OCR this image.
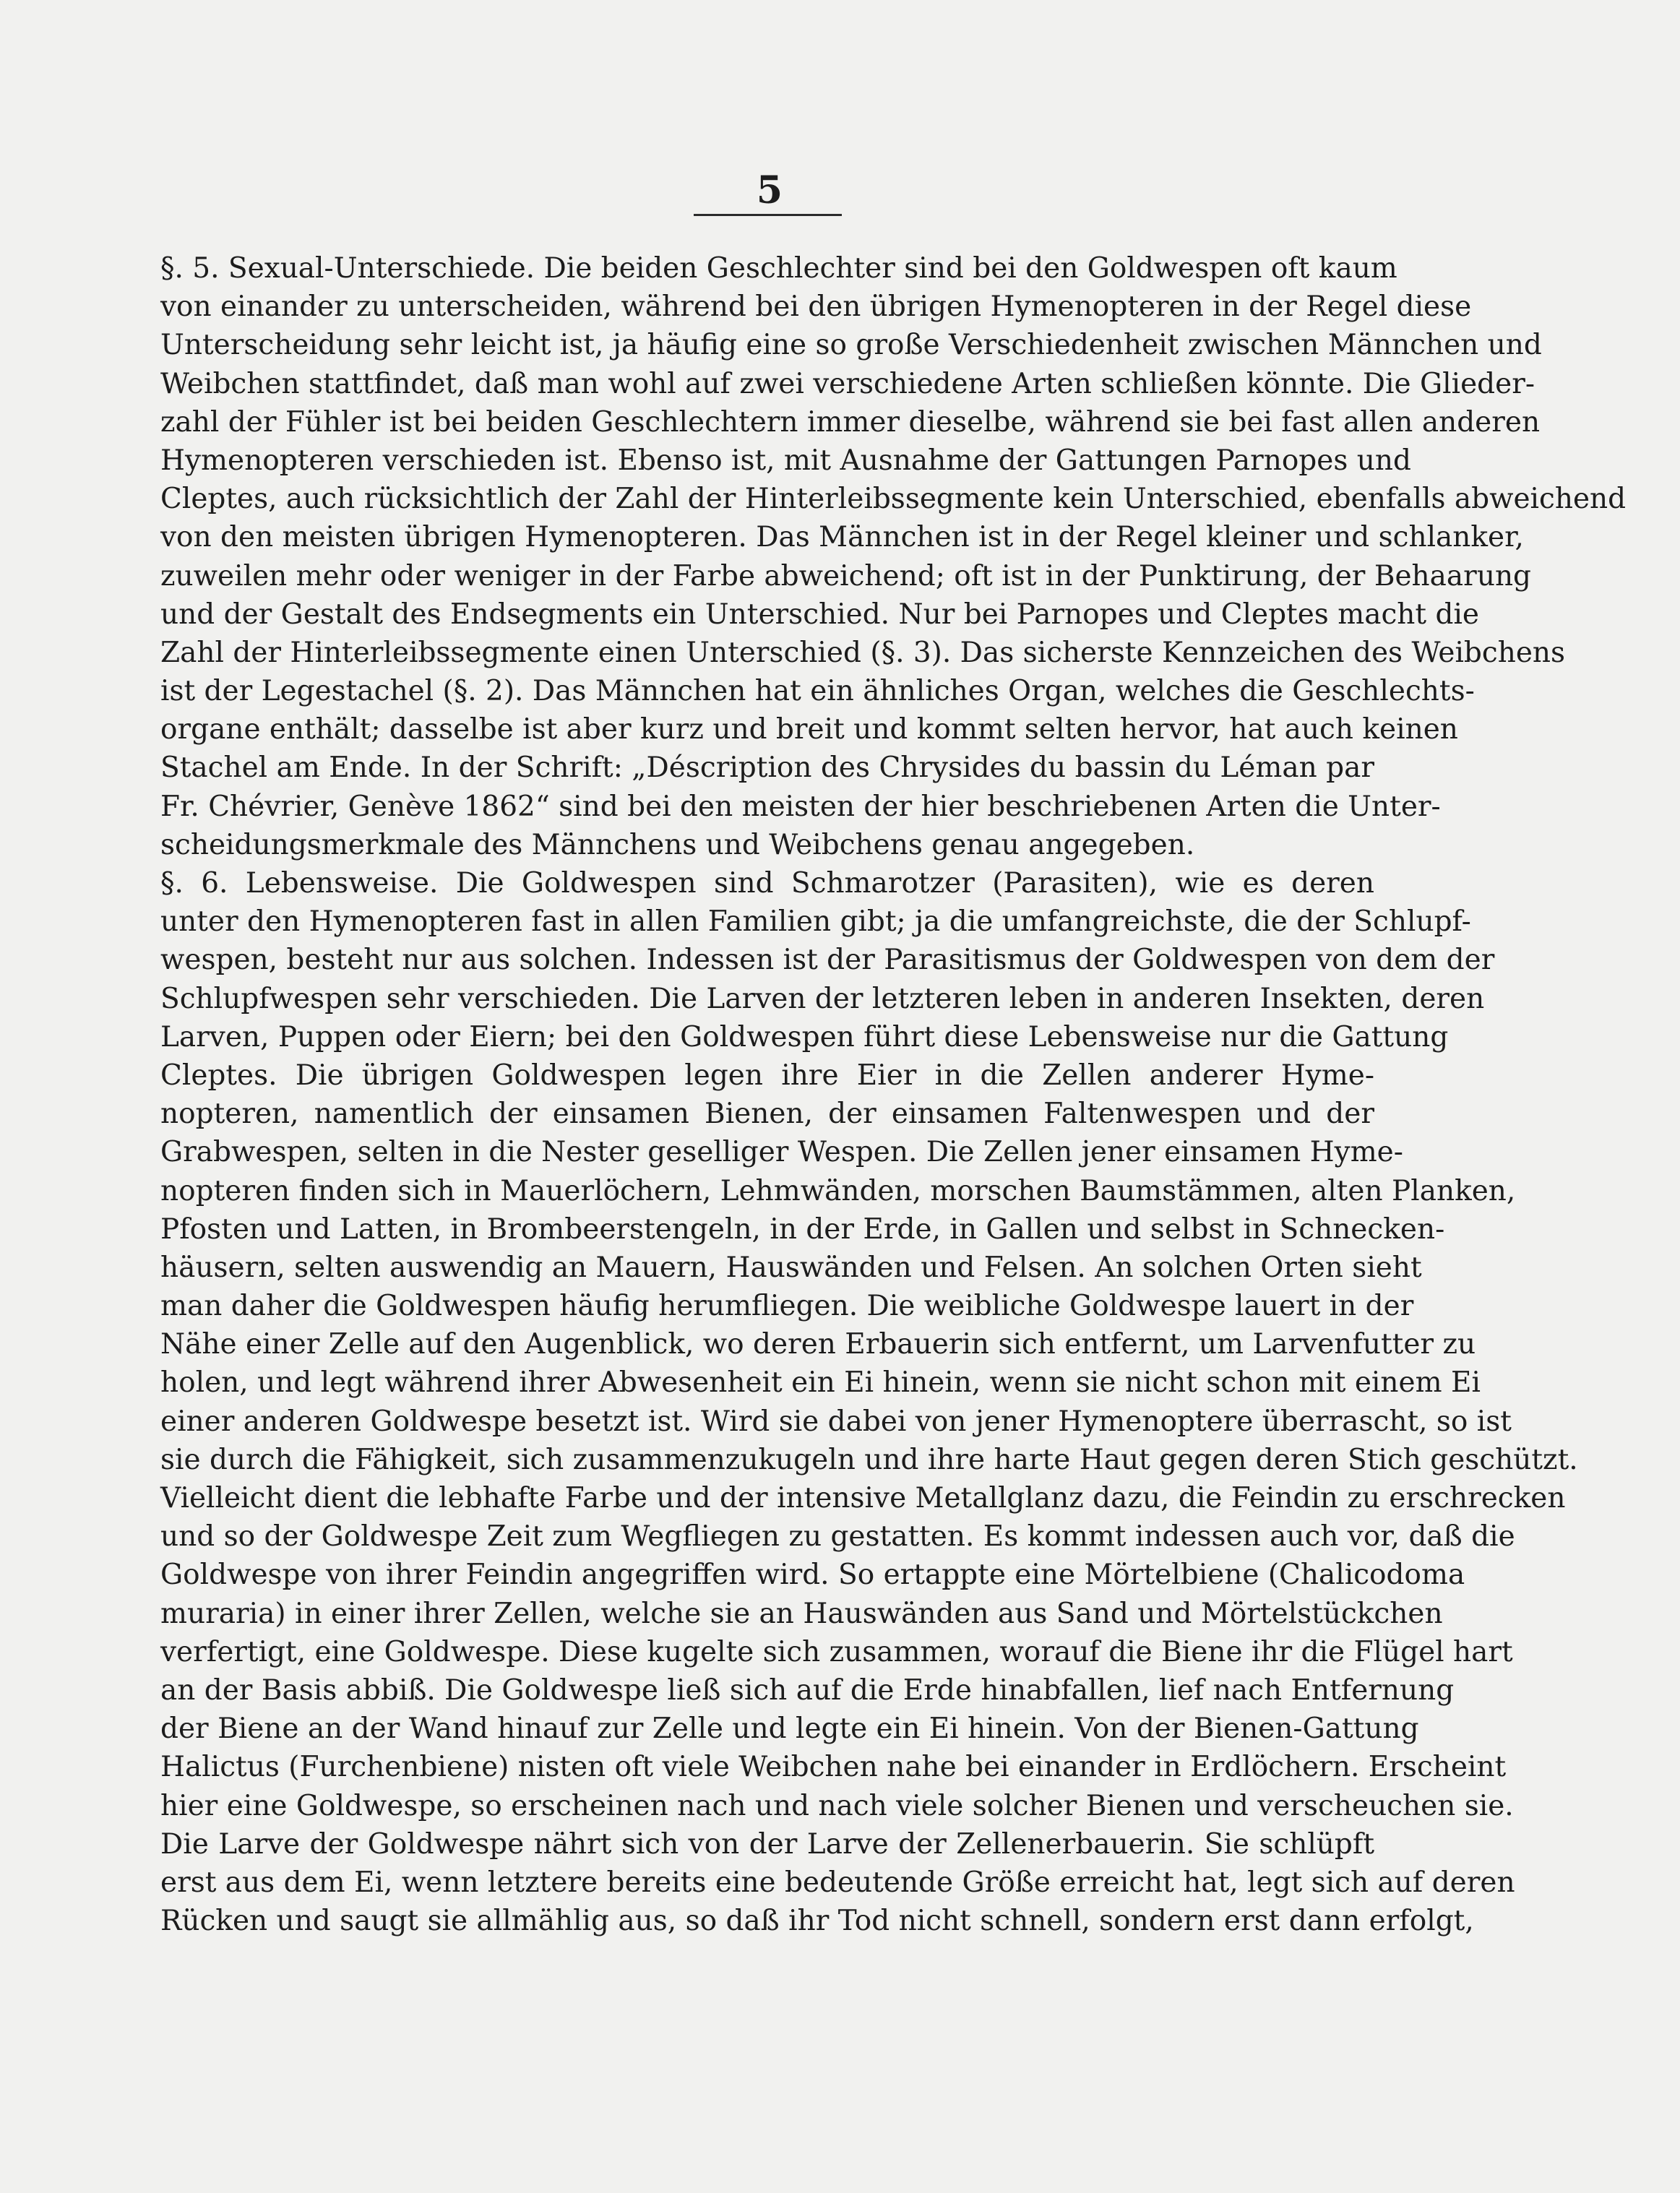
5
§. 5. Sexual-Unterschiede. Die beiden Geschlechter sind bei den Goldwespen oft kaum
von einander zu unterscheiden, während bei den übrigen Hymenopteren in der Regel diese
Unterscheidung sehr leicht ist, ja häufig eine so große Verschiedenheit zwischen Männchen und
Weibchen stattfindet, daß man wohl auf zwei verschiedene Arten schließen könnte. Die Glieder-
zahl der Fühler ist bei beiden Geschlechtern immer dieselbe, während sie bei fast allen anderen
Hymenopteren verschieden ist. Ebenso ist, mit Ausnahme der Gattungen Parnopes und
Cleptes, auch rücksichtlich der Zahl der Hinterleibssegmente kein Unterschied, ebenfalls abweichend
von den meisten übrigen Hymenopteren. Das Männchen ist in der Regel kleiner und schlanker,
zuweilen mehr oder weniger in der Farbe abweichend; oft ist in der Punktirung, der Behaarung
und der Gestalt des Endsegments ein Unterschied. Nur bei Parnopes und Cleptes macht die
Zahl der Hinterleibssegmente einen Unterschied (§. 3). Das sicherste Kennzeichen des Weibchens
ist der Legestachel (§. 2). Das Männchen hat ein ähnliches Organ, welches die Geschlechts-
organe enthält; dasselbe ist aber kurz und breit und kommt selten hervor, hat auch keinen
Stachel am Ende. In der Schrift: „Déscription des Chrysides du bassin du Léman par
Fr. Chévrier, Genève 1862“ sind bei den meisten der hier beschriebenen Arten die Unter-
scheidungsmerkmale des Männchens und Weibchens genau angegeben.
§. 6. Lebensweise. Die Goldwespen sind Schmarotzer (Parasiten), wie es deren
unter den Hymenopteren fast in allen Familien gibt; ja die umfangreichste, die der Schlupf-
wespen, besteht nur aus solchen. Indessen ist der Parasitismus der Goldwespen von dem der
Schlupfwespen sehr verschieden. Die Larven der letzteren leben in anderen Insekten, deren
Larven, Puppen oder Eiern; bei den Goldwespen führt diese Lebensweise nur die Gattung
Cleptes. Die übrigen Goldwespen legen ihre Eier in die Zellen anderer Hyme-
nopteren, namentlich der einsamen Bienen, der einsamen Faltenwespen und der
Grabwespen, selten in die Nester geselliger Wespen. Die Zellen jener einsamen Hyme-
nopteren finden sich in Mauerlöchern, Lehmwänden, morschen Baumstämmen, alten Planken,
Pfosten und Latten, in Brombeerstengeln, in der Erde, in Gallen und selbst in Schnecken-
häusern, selten auswendig an Mauern, Hauswänden und Felsen. An solchen Orten sieht
man daher die Goldwespen häufig herumfliegen. Die weibliche Goldwespe lauert in der
Nähe einer Zelle auf den Augenblick, wo deren Erbauerin sich entfernt, um Larvenfutter zu
holen, und legt während ihrer Abwesenheit ein Ei hinein, wenn sie nicht schon mit einem Ei
einer anderen Goldwespe besetzt ist. Wird sie dabei von jener Hymenoptere überrascht, so ist
sie durch die Fähigkeit, sich zusammenzukugeln und ihre harte Haut gegen deren Stich geschützt.
Vielleicht dient die lebhafte Farbe und der intensive Metallglanz dazu, die Feindin zu erschrecken
und so der Goldwespe Zeit zum Wegfliegen zu gestatten. Es kommt indessen auch vor, daß die
Goldwespe von ihrer Feindin angegriffen wird. So ertappte eine Mörtelbiene (Chalicodoma
muraria) in einer ihrer Zellen, welche sie an Hauswänden aus Sand und Mörtelstückchen
verfertigt, eine Goldwespe. Diese kugelte sich zusammen, worauf die Biene ihr die Flügel hart
an der Basis abbiß. Die Goldwespe ließ sich auf die Erde hinabfallen, lief nach Entfernung
der Biene an der Wand hinauf zur Zelle und legte ein Ei hinein. Von der Bienen-Gattung
Halictus (Furchenbiene) nisten oft viele Weibchen nahe bei einander in Erdlöchern. Erscheint
hier eine Goldwespe, so erscheinen nach und nach viele solcher Bienen und verscheuchen sie.
Die Larve der Goldwespe nährt sich von der Larve der Zellenerbauerin. Sie schlüpft
erst aus dem Ei, wenn letztere bereits eine bedeutende Größe erreicht hat, legt sich auf deren
Rücken und saugt sie allmählig aus, so daß ihr Tod nicht schnell, sondern erst dann erfolgt,
